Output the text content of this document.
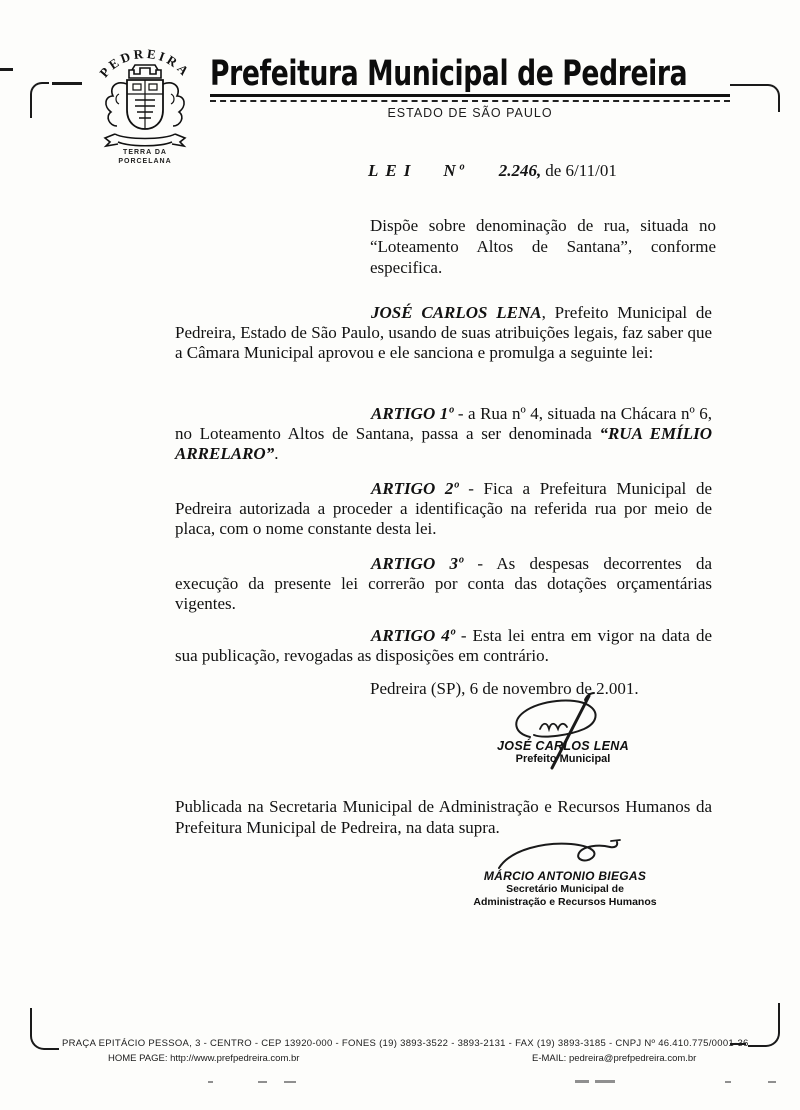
PEDREIRA
TERRA DA
PORCELANA
Prefeitura Municipal de Pedreira
ESTADO DE SÃO PAULO
LEI Nº 2.246, de 6/11/01
Dispõe sobre denominação de rua, situada no “Loteamento Altos de Santana”, conforme especifica.

JOSÉ CARLOS LENA, Prefeito Municipal de Pedreira, Estado de São Paulo, usando de suas atribuições legais, faz saber que a Câmara Municipal aprovou e ele sanciona e promulga a seguinte lei:

ARTIGO 1º - a Rua nº 4, situada na Chácara nº 6, no Loteamento Altos de Santana, passa a ser denominada “RUA EMÍLIO ARRELARO”.

ARTIGO 2º - Fica a Prefeitura Municipal de Pedreira autorizada a proceder a identificação na referida rua por meio de placa, com o nome constante desta lei.

ARTIGO 3º - As despesas decorrentes da execução da presente lei correrão por conta das dotações orçamentárias vigentes.

ARTIGO 4º - Esta lei entra em vigor na data de sua publicação, revogadas as disposições em contrário.

Pedreira (SP), 6 de novembro de 2.001.
JOSÉ CARLOS LENA
Prefeito Municipal

Publicada na Secretaria Municipal de Administração e Recursos Humanos da Prefeitura Municipal de Pedreira, na data supra.

MÁRCIO ANTONIO BIEGAS
Secretário Municipal de
Administração e Recursos Humanos
PRAÇA EPITÁCIO PESSOA, 3 - CENTRO - CEP 13920-000 - FONES (19) 3893-3522 - 3893-2131 - FAX (19) 3893-3185 - CNPJ Nº 46.410.775/0001-36
HOME PAGE: http://www.prefpedreira.com.br	E-MAIL: pedreira@prefpedreira.com.br
